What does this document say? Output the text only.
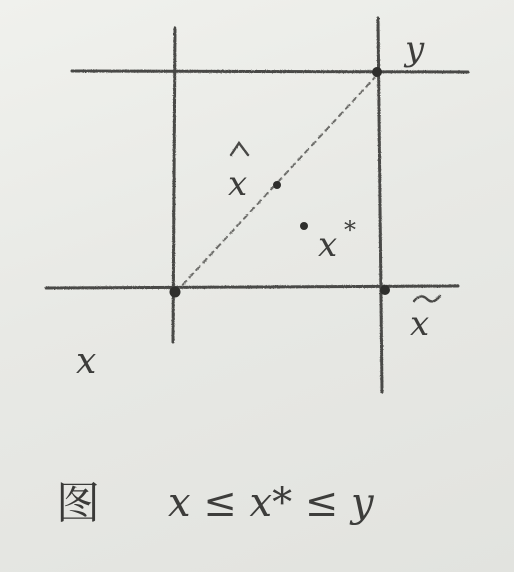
y
x
x *
x
x
图 x ≤ x* ≤ y
